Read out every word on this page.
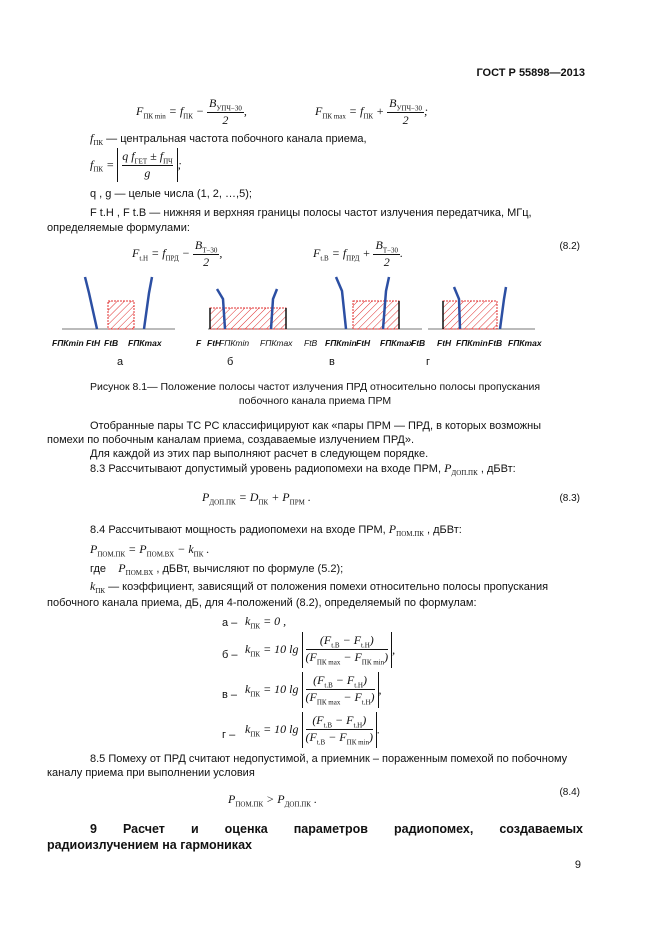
ГОСТ Р 55898—2013
$F_{ПК min} = f_{ПК}$ −
$B_{УПЧ-30}$
2
,	$F_{ПК max} = f_{ПК}$ +
$B_{УПЧ-30}$
2
;
$f_{ПК}$ — центральная частота побочного канала приема,
$f_{ПК}$ =
q $f_{ГЕТ} \pm f_{ПЧ}$
g
;
q , g — целые числа (1, 2, …,5);
F t.Н , F t.В — нижняя и верхняя границы полосы частот излучения передатчика, МГц,
определяемые формулами:
$F_{t.Н} = f_{ПРД}$ −
$B_{Т-30}$
2
,	$F_{t.В} = f_{ПРД}$ +
$B_{Т-30}$
2
.	(8.2)
FПКmin FtН FtВ FПКmax	F FtН
FПКmin FПКmax FtВ FПКmin FtН FПКmax
FtВ FtН FПКmin FtВ FПКmax
а	б	в	г
Рисунок 8.1— Положение полосы частот излучения ПРД относительно полосы пропускания
побочного канала приема ПРМ
Отобранные пары ТС РС классифицируют как «пары ПРМ — ПРД, в которых возможны
помехи по побочным каналам приема, создаваемые излучением ПРД».
Для каждой из этих пар выполняют расчет в следующем порядке.
8.3 Рассчитывают допустимый уровень радиопомехи на входе ПРМ, $P_{ДОП.ПК}$ , дБВт:
$P_{ДОП.ПК} = D_{ПК} + P_{ПРМ}$ .	(8.3)
8.4 Рассчитывают мощность радиопомехи на входе ПРМ, $P_{ПОМ.ПК}$ , дБВт:
$P_{ПОМ.ПК} = P_{ПОМ.ВХ} - k_{ПК}$ .
где $P_{ПОМ.ВХ}$ , дБВт, вычисляют по формуле (5.2);
$k_{ПК}$ — коэффициент, зависящий от положения помехи относительно полосы пропускания
побочного канала приема, дБ, для 4-положений (8.2), определяемый по формулам:
$а - k_{ПК} = 0$ ,
$б - k_{ПК} = 10$ lg
$(F_{t.В} - F_{t.Н})$
$(F_{ПК max} - F_{ПК min})$
,
$в - k_{ПК} = 10$ lg
$(F_{t.В} - F_{t.Н})$
$(F_{ПК max} - F_{t.Н})$
,
$г - k_{ПК} = 10$ lg
$(F_{t.В} - F_{t.Н})$
$(F_{t.В} - F_{ПК min})$
.
8.5 Помеху от ПРД считают недопустимой, а приемник – пораженным помехой по побочному
каналу приема при выполнении условия
$P_{ПОМ.ПК} > P_{ДОП.ПК}$ .	(8.4)
9 Расчет и оценка параметров радиопомех, создаваемых
радиоизлучением на гармониках
9
